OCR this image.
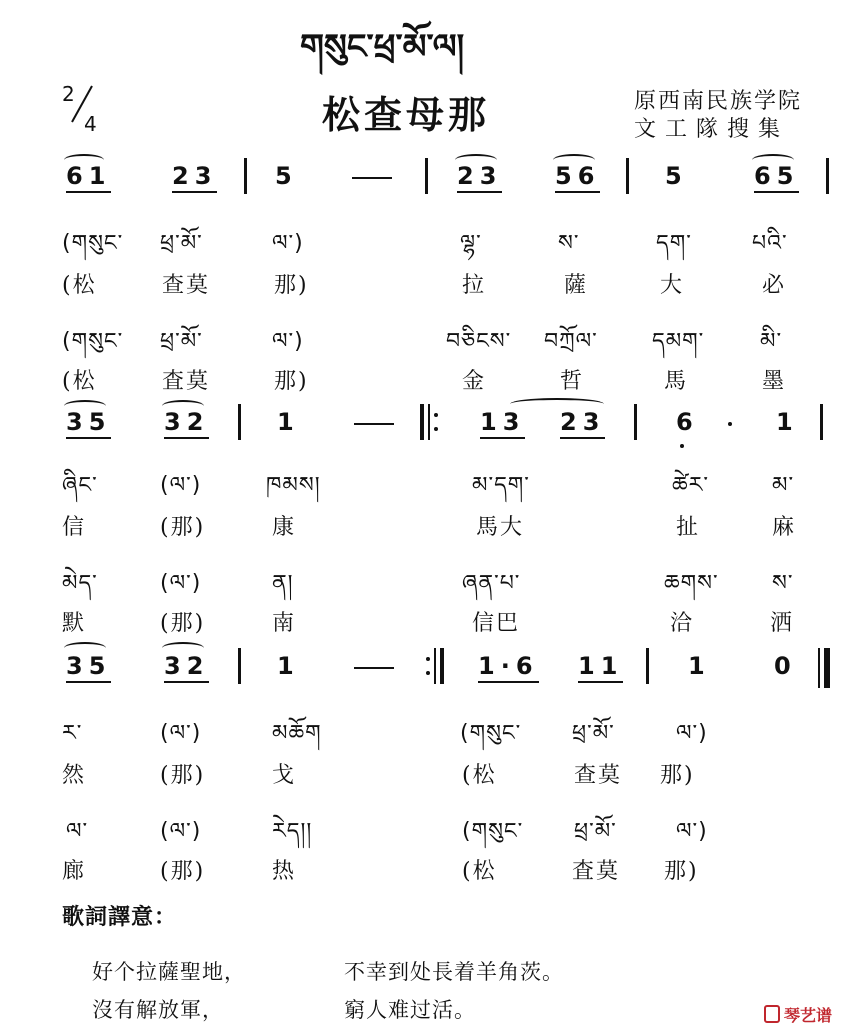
གསུང་ཕྲ་མོ་ལ།
2
4	松查母那	原西南民族学院
文工隊搜集
61	23 5	23 56	5	65
(གསུང་ ཕྲ་མོ་	ལ་)	ལྷ་	ས་	དག་	པའི་
(松	查莫	那)	拉	薩	大	必
(གསུང་ ཕྲ་མོ་	ལ་)	བཅིངས་ བཀྲོལ་ དམག་	མི་
(松	査莫	那)	金	哲	馬	墨
35 32	1	13 23	6	1
ཞིང་	(ལ་)	ཁམས།	མ་དག་	ཚེར་	མ་
信	(那)	康	馬大	扯	麻
མེད་	(ལ་)	ན།	ཞན་པ་	ཆགས་ ས་
默	(那)	南	信巴	洽	洒
35 32	1	1·6 11	1	0
ར་	(ལ་)	མཆོག	(གསུང་ ཕྲ་མོ་	ལ་)
然	(那)	戈	(松	查莫 那)
ལ་	(ལ་)	རེད།།	(གསུང་ ཕྲ་མོ་	ལ་)
廊	(那)	热	(松	査莫 那)
歌詞譯意：
好个拉薩聖地，	不幸到处長着羊角茨。
沒有解放軍，	窮人难过活。	琴艺谱
